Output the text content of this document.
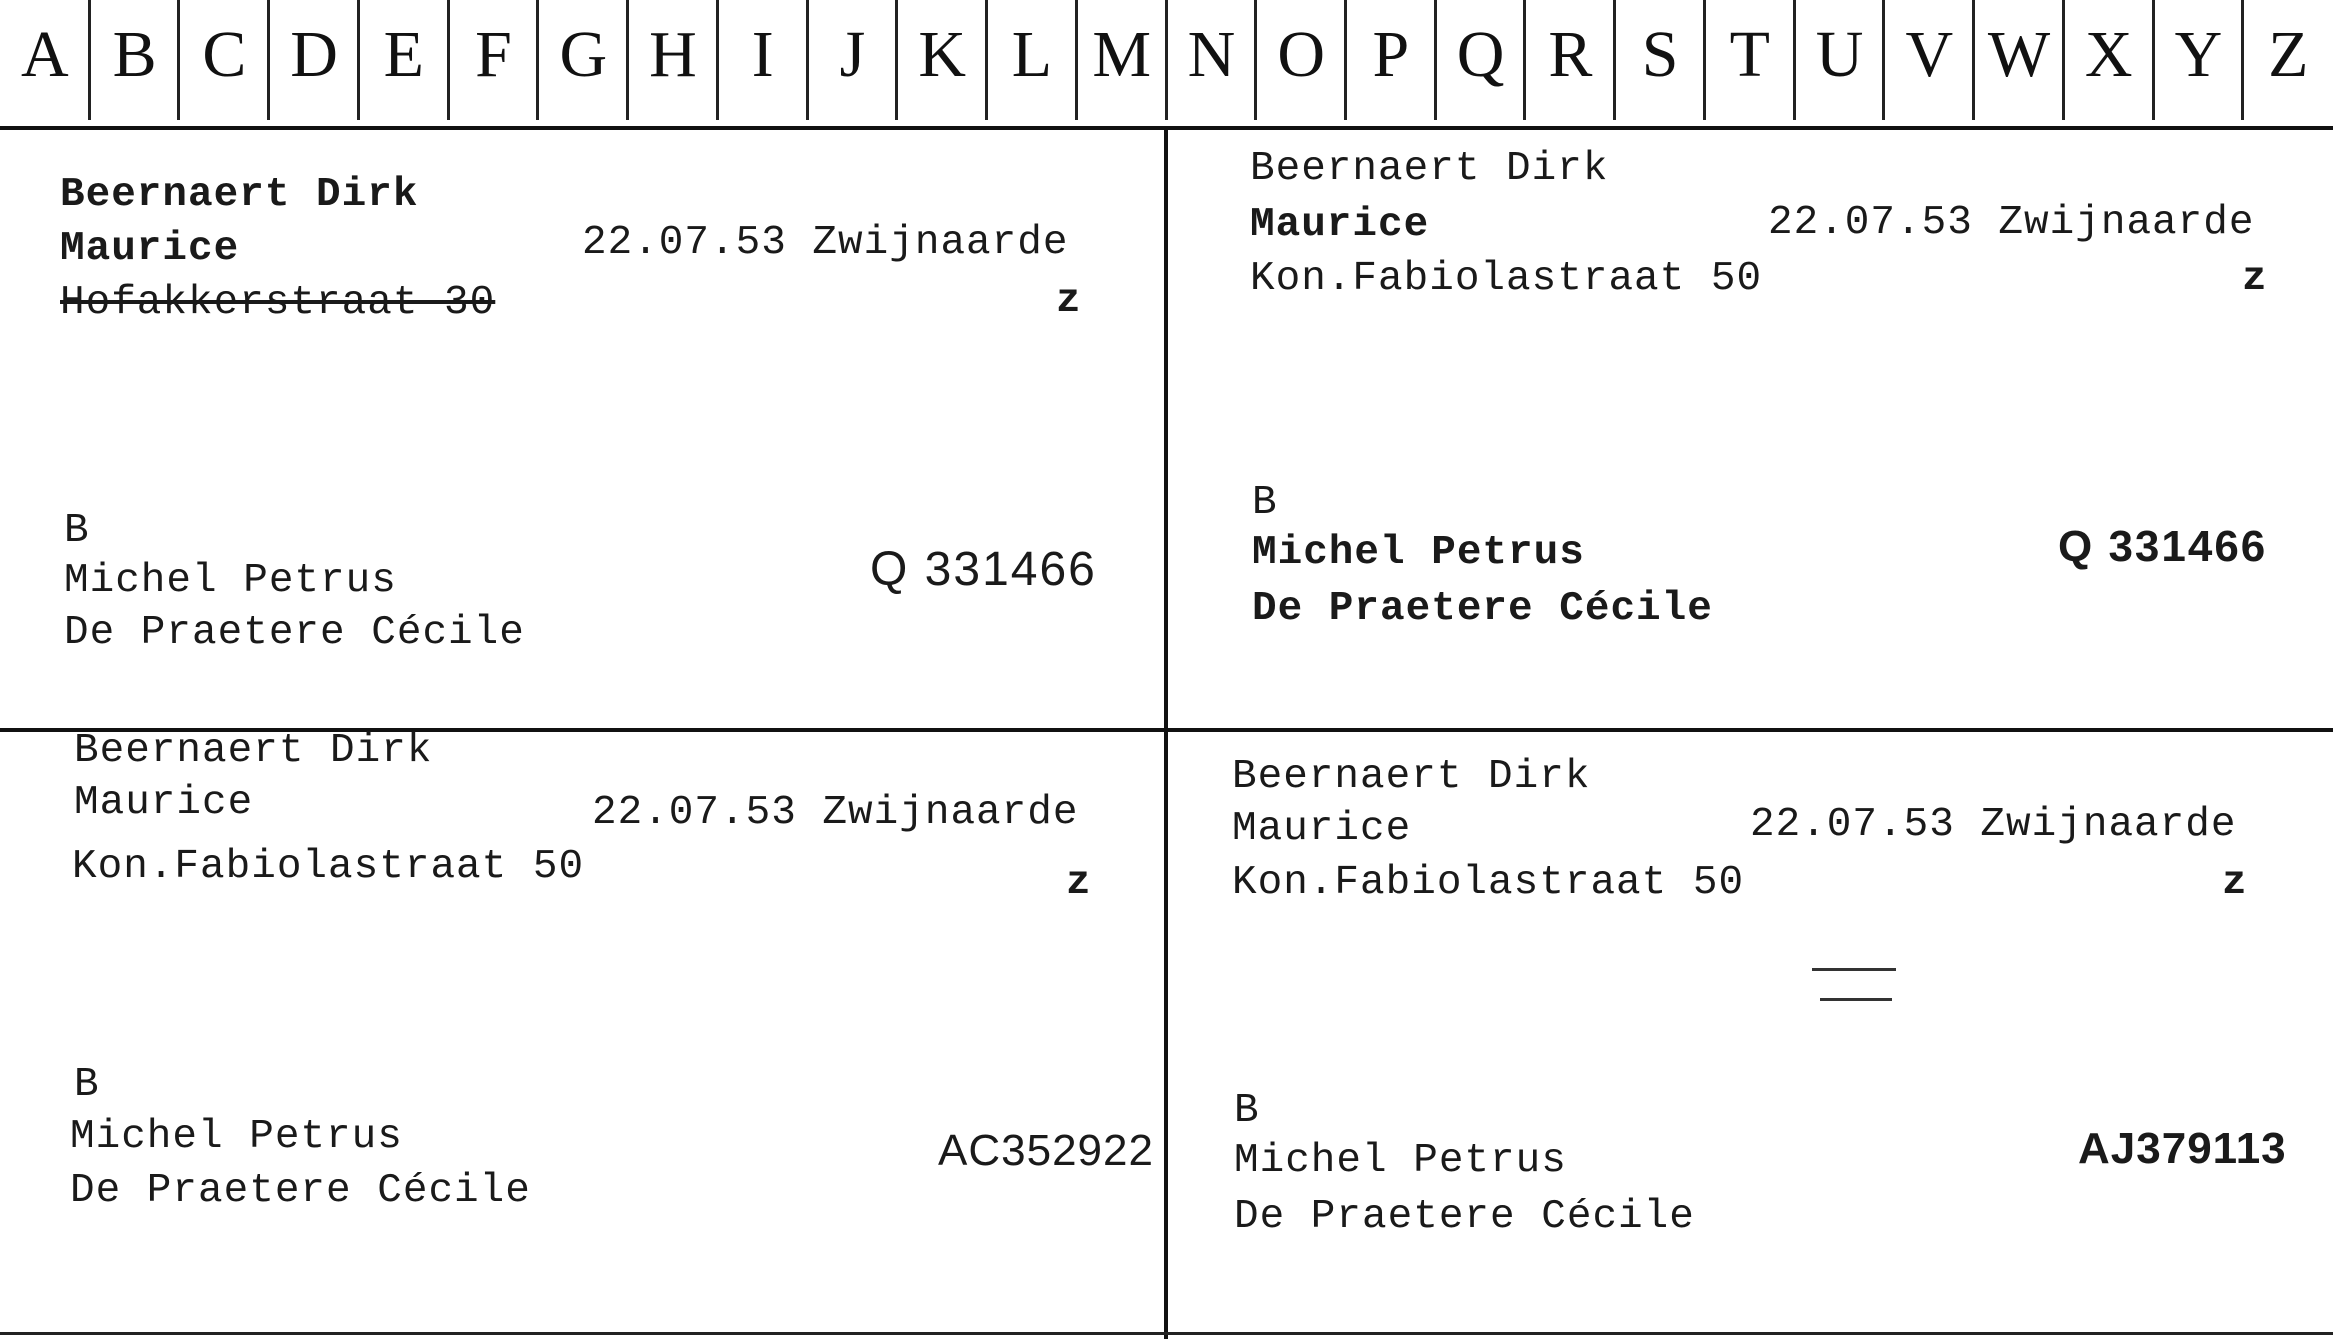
A B C D E F G H I J K L M N O P Q R S T U V W X Y Z
Beernaert Dirk
Maurice	22.07.53 Zwijnaarde
Hofakkerstraat 30	z
B
Michel Petrus
De Praetere Cécile
Q 331466
Beernaert Dirk
Maurice	22.07.53 Zwijnaarde
Kon.Fabiolastraat 50	z
B
Michel Petrus
De Praetere Cécile
Q 331466
Beernaert Dirk
Maurice	22.07.53 Zwijnaarde
Kon.Fabiolastraat 50	z
B
Michel Petrus
De Praetere Cécile
AC352922
Beernaert Dirk
Maurice	22.07.53 Zwijnaarde
Kon.Fabiolastraat 50	z
B
Michel Petrus
De Praetere Cécile
AJ379113
